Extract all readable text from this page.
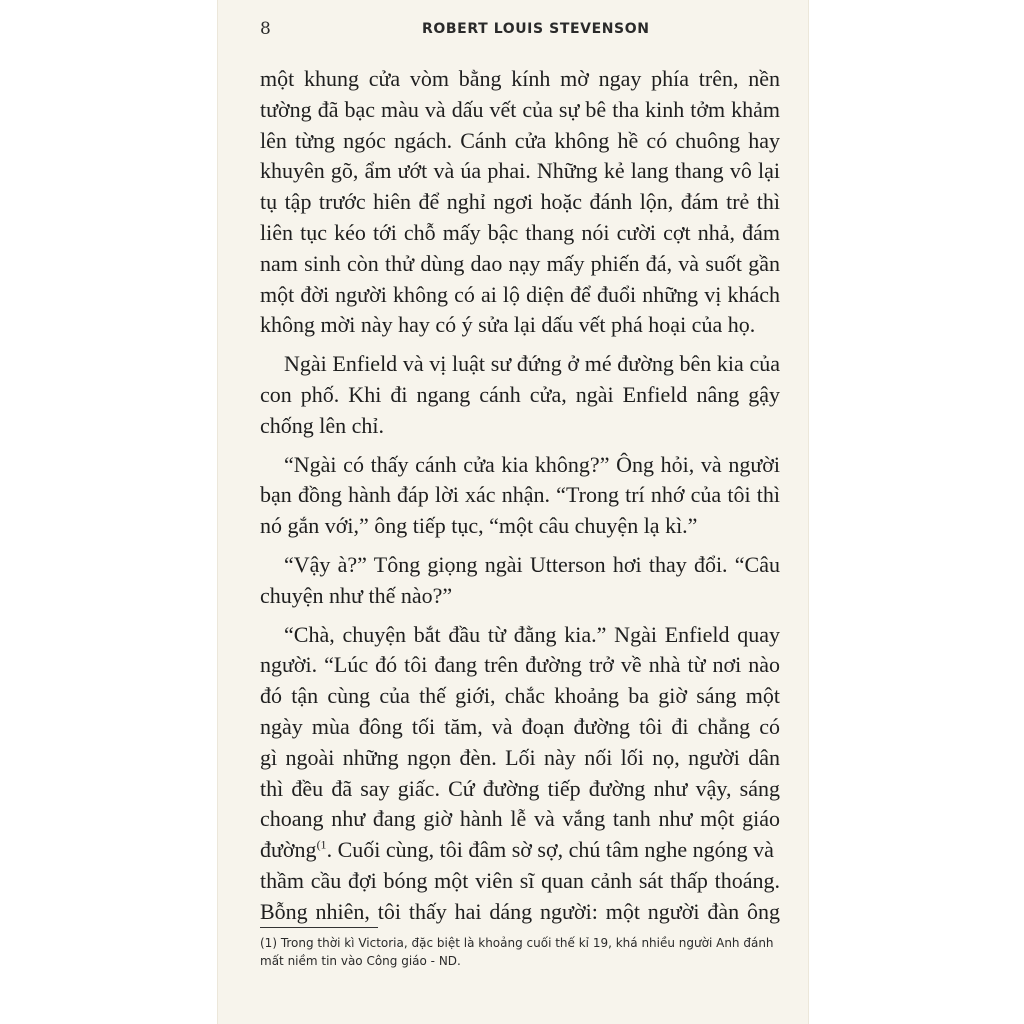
8	ROBERT LOUIS STEVENSON

một khung cửa vòm bằng kính mờ ngay phía trên, nền
tường đã bạc màu và dấu vết của sự bê tha kinh tởm khảm
lên từng ngóc ngách. Cánh cửa không hề có chuông hay
khuyên gõ, ẩm ướt và úa phai. Những kẻ lang thang vô lại
tụ tập trước hiên để nghỉ ngơi hoặc đánh lộn, đám trẻ thì
liên tục kéo tới chỗ mấy bậc thang nói cười cợt nhả, đám
nam sinh còn thử dùng dao nạy mấy phiến đá, và suốt gần
một đời người không có ai lộ diện để đuổi những vị khách
không mời này hay có ý sửa lại dấu vết phá hoại của họ.

Ngài Enfield và vị luật sư đứng ở mé đường bên kia của
con phố. Khi đi ngang cánh cửa, ngài Enfield nâng gậy
chống lên chỉ.

“Ngài có thấy cánh cửa kia không?” Ông hỏi, và người
bạn đồng hành đáp lời xác nhận. “Trong trí nhớ của tôi thì
nó gắn với,” ông tiếp tục, “một câu chuyện lạ kì.”

“Vậy à?” Tông giọng ngài Utterson hơi thay đổi. “Câu
chuyện như thế nào?”

“Chà, chuyện bắt đầu từ đằng kia.” Ngài Enfield quay
người. “Lúc đó tôi đang trên đường trở về nhà từ nơi nào
đó tận cùng của thế giới, chắc khoảng ba giờ sáng một
ngày mùa đông tối tăm, và đoạn đường tôi đi chẳng có
gì ngoài những ngọn đèn. Lối này nối lối nọ, người dân
thì đều đã say giấc. Cứ đường tiếp đường như vậy, sáng
choang như đang giờ hành lễ và vắng tanh như một giáo
đường$^{(1}$. Cuối cùng, tôi đâm sờ sợ, chú tâm nghe ngóng và
thầm cầu đợi bóng một viên sĩ quan cảnh sát thấp thoáng.
Bỗng nhiên, tôi thấy hai dáng người: một người đàn ông

(1) Trong thời kì Victoria, đặc biệt là khoảng cuối thế kỉ 19, khá nhiều người Anh đánh
mất niềm tin vào Công giáo - ND.
